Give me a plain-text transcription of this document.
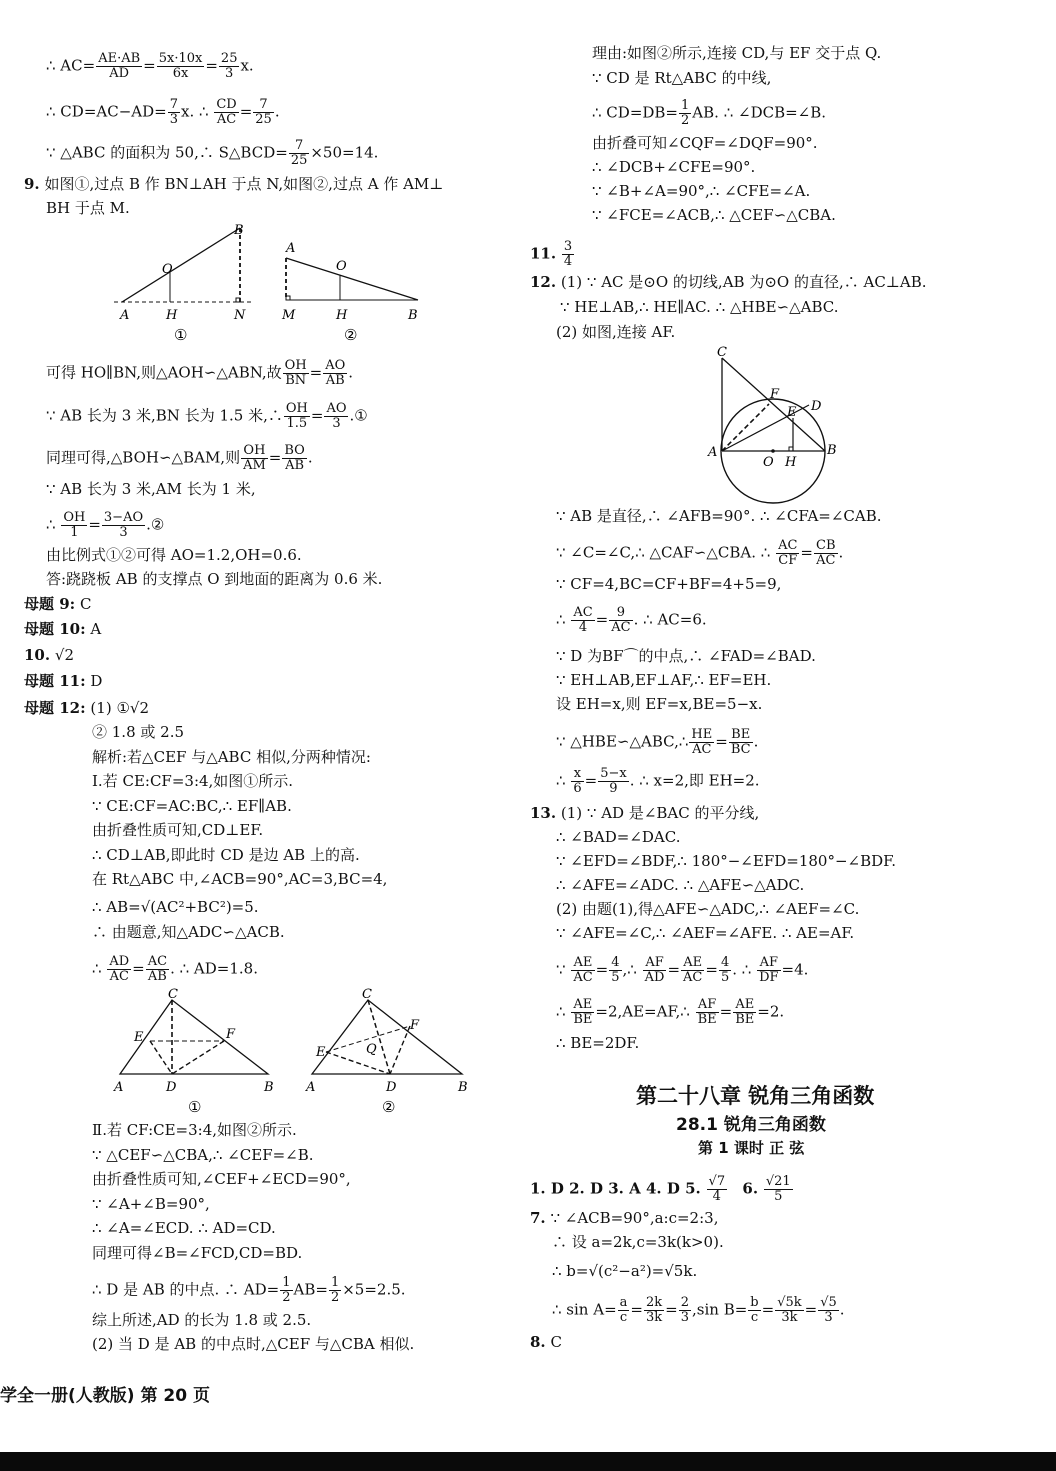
∴ $AC= \frac{AE\cdot AB}{AD} = \frac{5x\cdot 10x}{6x} = \frac{25}{3} x$.
∴ $CD=AC-AD= \frac{7}{3} x$. ∴ $\frac{CD}{AC} = \frac{7}{25}$ .
∵ △ABC 的面积为 50,∴ S△BCD= $\frac{7}{25} \times 50=14$.
9. 如图①,过点 B 作 BN⊥AH 于点 N,如图②,过点 A 作 AM⊥
BH 于点 M.
A	H	N
O
B
①
A
O
M	H	B
②
可得 HO∥BN,则△AOH∽△ABN,故 $\frac{OH}{BN} = \frac{AO}{AB}$ .
∵ AB 长为 3 米,BN 长为 1.5 米,∴ $\frac{OH}{1.5} = \frac{AO}{3}$ .①
同理可得,△BOH∽△BAM,则 $\frac{OH}{AM} = \frac{BO}{AB}$ .
∵ AB 长为 3 米,AM 长为 1 米,
∴ $\frac{OH}{1} = \frac{3-AO}{3}$ .②
由比例式①②可得 AO=1.2,OH=0.6.
答:跷跷板 AB 的支撑点 O 到地面的距离为 0.6 米.
母题 9: C
母题 10: A
10. √2
母题 11: D
母题 12: (1) ①√2
② 1.8 或 2.5
解析:若△CEF 与△ABC 相似,分两种情况:
Ⅰ.若 CE:CF=3:4,如图①所示.
∵ CE:CF=AC:BC,∴ EF∥AB.
由折叠性质可知,CD⊥EF.
∴ CD⊥AB,即此时 CD 是边 AB 上的高.
在 Rt△ABC 中,∠ACB=90°,AC=3,BC=4,
∴ AB=√(AC²+BC²)=5.
∴ 由题意,知△ADC∽△ACB.
∴ $\frac{AD}{AC} = \frac{AC}{AB}$ . ∴ AD=1.8.
C
E	F
A	D	B
①
C
E
F
Q
A	D	B
②
Ⅱ.若 CF:CE=3:4,如图②所示.
∵ △CEF∽△CBA,∴ ∠CEF=∠B.
由折叠性质可知,∠CEF+∠ECD=90°,
∵ ∠A+∠B=90°,
∴ ∠A=∠ECD. ∴ AD=CD.
同理可得∠B=∠FCD,CD=BD.
∴ D 是 AB 的中点. ∴ $AD= \frac{1}{2} AB= \frac{1}{2} \times 5=2.5$.
综上所述,AD 的长为 1.8 或 2.5.
(2) 当 D 是 AB 的中点时,△CEF 与△CBA 相似.
理由:如图②所示,连接 CD,与 EF 交于点 Q.
∵ CD 是 Rt△ABC 的中线,
∴ $CD=DB= \frac{1}{2}$ AB. ∴ ∠DCB=∠B.
由折叠可知∠CQF=∠DQF=90°.
∴ ∠DCB+∠CFE=90°.
∵ ∠B+∠A=90°,∴ ∠CFE=∠A.
∵ ∠FCE=∠ACB,∴ △CEF∽△CBA.
11. $\frac{3}{4}$
12. (1) ∵ AC 是⊙O 的切线,AB 为⊙O 的直径,∴ AC⊥AB.
∵ HE⊥AB,∴ HE∥AC. ∴ △HBE∽△ABC.
(2) 如图,连接 AF.
C
F
E D
A	B
O H
∵ AB 是直径,∴ ∠AFB=90°. ∴ ∠CFA=∠CAB.
∵ ∠C=∠C,∴ △CAF∽△CBA. ∴ $\frac{AC}{CF} = \frac{CB}{AC}$ .
∵ CF=4,BC=CF+BF=4+5=9,
∴ $\frac{AC}{4} = \frac{9}{AC}$ . ∴ AC=6.
∵ D 为BF⌒的中点,∴ ∠FAD=∠BAD.
∵ EH⊥AB,EF⊥AF,∴ EF=EH.
设 EH=x,则 EF=x,BE=5−x.
∵ △HBE∽△ABC,∴ $\frac{HE}{AC} = \frac{BE}{BC}$ .
∴ $\frac{x}{6} = \frac{5-x}{9}$ . ∴ x=2,即 EH=2.
13. (1) ∵ AD 是∠BAC 的平分线,
∴ ∠BAD=∠DAC.
∵ ∠EFD=∠BDF,∴ 180°−∠EFD=180°−∠BDF.
∴ ∠AFE=∠ADC. ∴ △AFE∽△ADC.
(2) 由题(1),得△AFE∽△ADC,∴ ∠AEF=∠C.
∵ ∠AFE=∠C,∴ ∠AEF=∠AFE. ∴ AE=AF.
∵ $\frac{AE}{AC} = \frac{4}{5}$ ,∴ $\frac{AF}{AD} = \frac{AE}{AC} = \frac{4}{5}$ . ∴ $\frac{AF}{DF} =4$.
∴ $\frac{AE}{BE}$ =2,AE=AF,∴ $\frac{AF}{BE} = \frac{AE}{BE} =2$.
∴ BE=2DF.
第二十八章 锐角三角函数
28.1 锐角三角函数
第 1 课时 正 弦
1. D 2. D 3. A 4. D 5. $\frac{√7}{4} 6$. $\frac{√21}{5}$
7. ∵ ∠ACB=90°,a:c=2:3,
∴ 设 a=2k,c=3k(k>0).
∴ b=√(c²−a²)=√5k.
∴ $\sin A= \frac{a}{c} = \frac{2k}{3k} = \frac{2}{3} ,\sin$ $B= \frac{b}{c} = \frac{√5k}{3k} = \frac{√5}{3}$ .
8. C
学全一册(人教版) 第 20 页
